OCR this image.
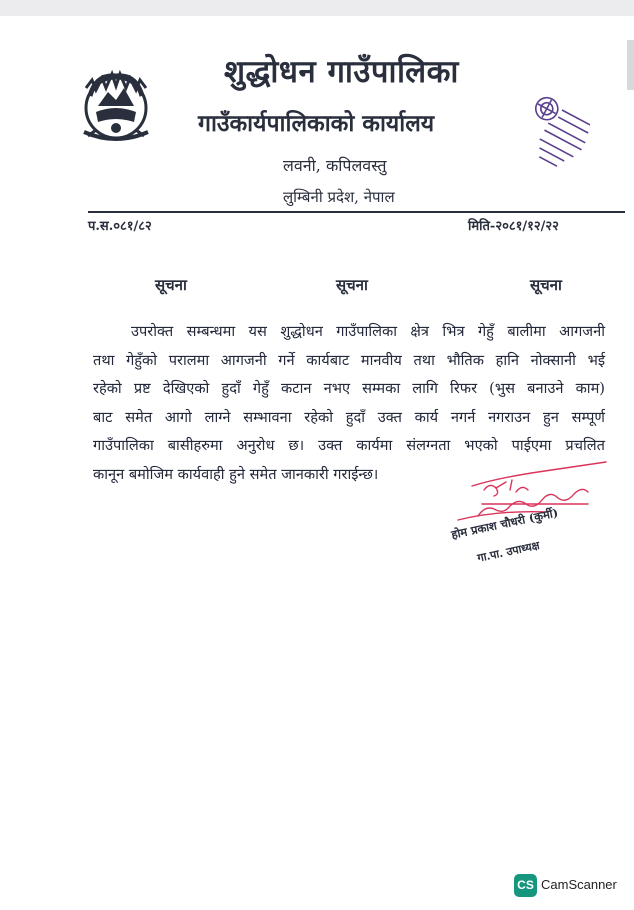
शुद्धोधन गाउँपालिका
गाउँकार्यपालिकाको कार्यालय
लवनी, कपिलवस्तु
लुम्बिनी प्रदेश, नेपाल
प.स.०८१/८२	मिति-२०८१/१२/२२
सूचना	सूचना	सूचना
उपरोक्त सम्बन्धमा यस शुद्धोधन गाउँपालिका क्षेत्र भित्र गेहुँ बालीमा आगजनी
तथा गेहुँको परालमा आगजनी गर्ने कार्यबाट मानवीय तथा भौतिक हानि नोक्सानी भई
रहेको प्रष्ट देखिएको हुदाँ गेहुँ कटान नभए सम्मका लागि रिफर (भुस बनाउने काम)
बाट समेत आगो लाग्ने सम्भावना रहेको हुदाँ उक्त कार्य नगर्न नगराउन हुन सम्पूर्ण
गाउँपालिका बासीहरुमा अनुरोध छ। उक्त कार्यमा संलग्नता भएको पाईएमा प्रचलित
कानून बमोजिम कार्यवाही हुने समेत जानकारी गराईन्छ।
होम प्रकाश चौधरी (कुर्मी)
गा.पा. उपाध्यक्ष
CS CamScanner
